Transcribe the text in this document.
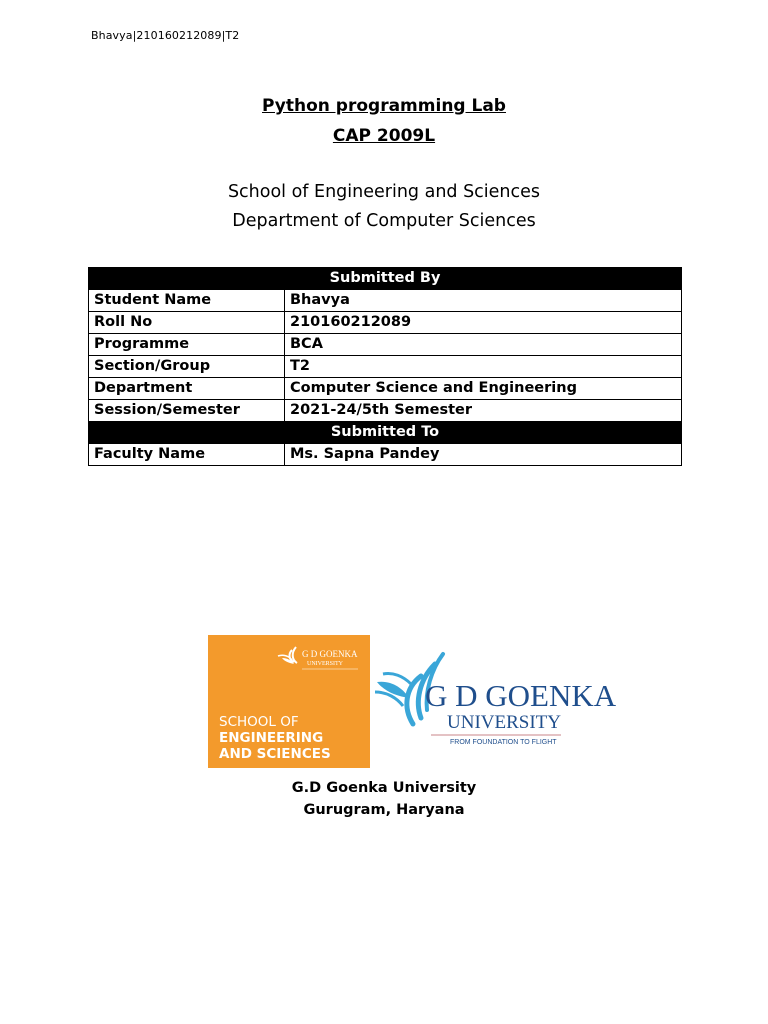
Bhavya|210160212089|T2
Python programming Lab
CAP 2009L
School of Engineering and Sciences
Department of Computer Sciences
Submitted By	
Student Name	Bhavya
Roll No	210160212089
Programme	BCA
Section/Group	T2
Department	Computer Science and Engineering
Session/Semester	2021-24/5th Semester
Submitted To	
Faculty Name	Ms. Sapna Pandey
G D GOENKA
UNIVERSITY
SCHOOL OF
ENGINEERING
AND SCIENCES
G D GOENKA
UNIVERSITY
FROM FOUNDATION TO FLIGHT
G.D Goenka University
Gurugram, Haryana
